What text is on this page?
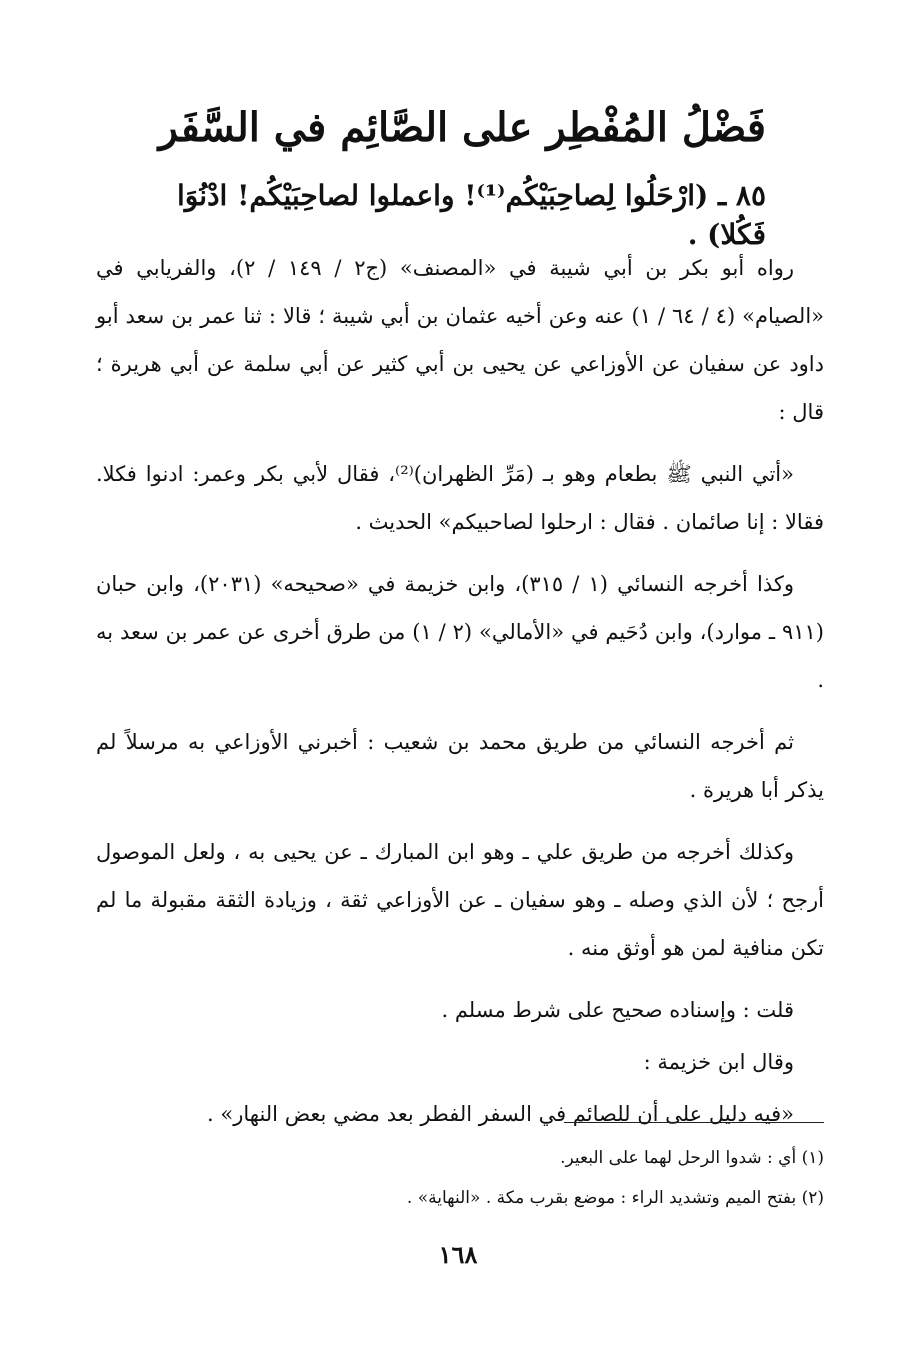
فَضْلُ المُفْطِر على الصَّائِم في السَّفَر
٨٥ ـ (ارْحَلُوا لِصاحِبَيْكُم⁽¹⁾! واعملوا لصاحِبَيْكُم! ادْنُوَا فَكُلا) .

رواه أبو بكر بن أبي شيبة في «المصنف» (ج٢ / ١٤٩ / ٢)، والفريابي في «الصيام» (٤ / ٦٤ / ١) عنه وعن أخيه عثمان بن أبي شيبة ؛ قالا : ثنا عمر بن سعد أبو داود عن سفيان عن الأوزاعي عن يحيى بن أبي كثير عن أبي سلمة عن أبي هريرة ؛ قال :

«أتي النبي ﷺ بطعام وهو بـ (مَرِّ الظهران)⁽²⁾، فقال لأبي بكر وعمر: ادنوا فكلا. فقالا : إنا صائمان . فقال : ارحلوا لصاحبيكم» الحديث .

وكذا أخرجه النسائي (١ / ٣١٥)، وابن خزيمة في «صحيحه» (٢٠٣١)، وابن حبان (٩١١ ـ موارد)، وابن دُحَيم في «الأمالي» (٢ / ١) من طرق أخرى عن عمر بن سعد به .

ثم أخرجه النسائي من طريق محمد بن شعيب : أخبرني الأوزاعي به مرسلاً لم يذكر أبا هريرة .

وكذلك أخرجه من طريق علي ـ وهو ابن المبارك ـ عن يحيى به ، ولعل الموصول أرجح ؛ لأن الذي وصله ـ وهو سفيان ـ عن الأوزاعي ثقة ، وزيادة الثقة مقبولة ما لم تكن منافية لمن هو أوثق منه .

قلت : وإسناده صحيح على شرط مسلم .

وقال ابن خزيمة :

«فيه دليل على أن للصائم في السفر الفطر بعد مضي بعض النهار» .

(١) أي : شدوا الرحل لهما على البعير.
(٢) بفتح الميم وتشديد الراء : موضع بقرب مكة . «النهاية» .
١٦٨
